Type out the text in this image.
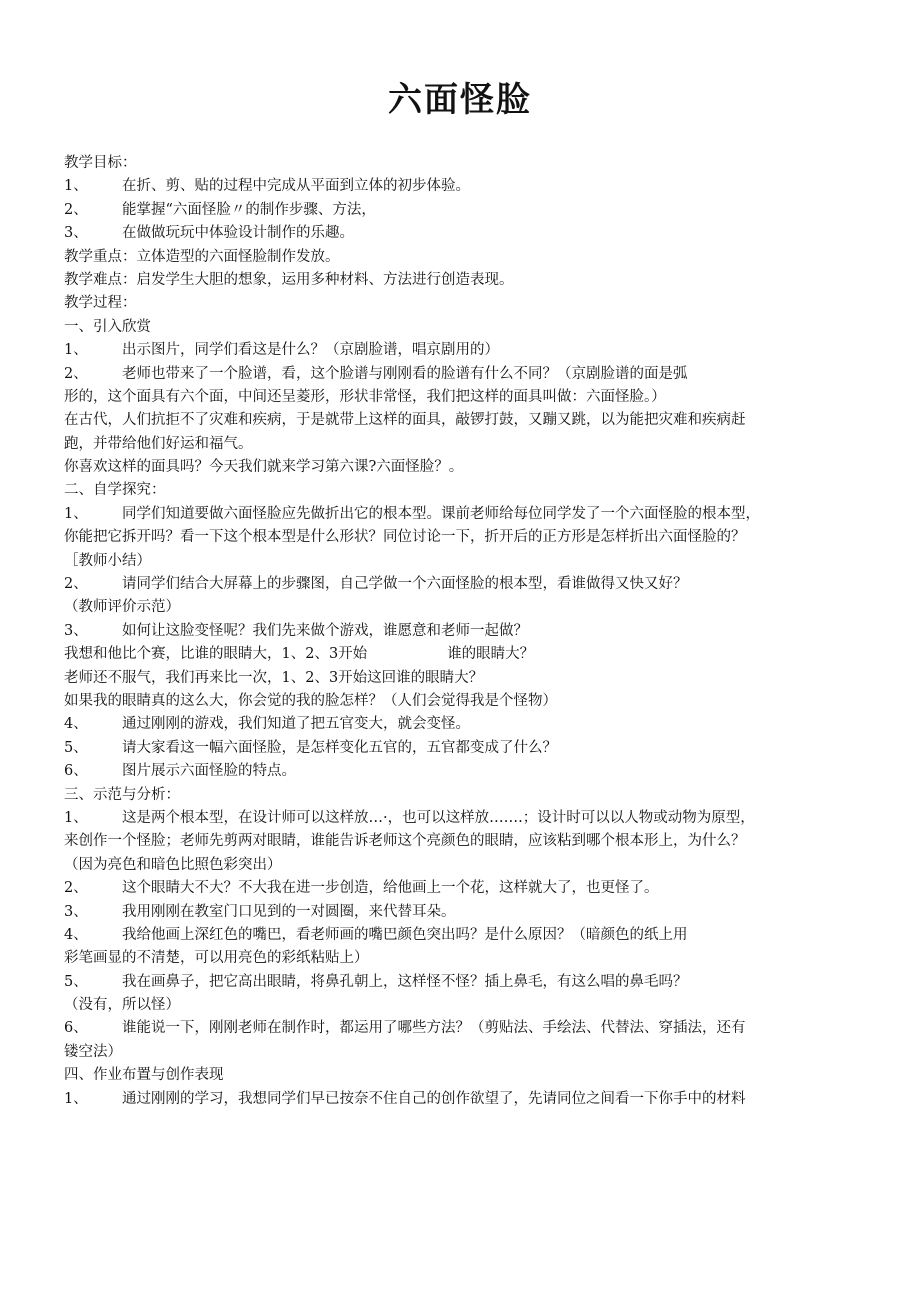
六面怪脸
教学目标：
1、 在折、剪、贴的过程中完成从平面到立体的初步体验。
2、 能掌握“六面怪脸〃的制作步骤、方法，
3、 在做做玩玩中体验设计制作的乐趣。
教学重点：立体造型的六面怪脸制作发放。
教学难点：启发学生大胆的想象，运用多种材料、方法进行创造表现。
教学过程：
一、引入欣赏
1、 出示图片，同学们看这是什么？（京剧脸谱，唱京剧用的）
2、 老师也带来了一个脸谱，看，这个脸谱与刚刚看的脸谱有什么不同？（京剧脸谱的面是弧
形的，这个面具有六个面，中间还呈菱形，形状非常怪，我们把这样的面具叫做：六面怪脸。）
在古代，人们抗拒不了灾难和疾病，于是就带上这样的面具，敲锣打鼓，又蹦又跳，以为能把灾难和疾病赶
跑，并带给他们好运和福气。
你喜欢这样的面具吗？今天我们就来学习第六课?六面怪脸？。
二、自学探究：
1、 同学们知道要做六面怪脸应先做折出它的根本型。课前老师给每位同学发了一个六面怪脸的根本型，
你能把它拆开吗？看一下这个根本型是什么形状？同位讨论一下，折开后的正方形是怎样折出六面怪脸的？
［教师小结）
2、 请同学们结合大屏幕上的步骤图，自己学做一个六面怪脸的根本型，看谁做得又快又好？
（教师评价示范）
3、 如何让这脸变怪呢？我们先来做个游戏，谁愿意和老师一起做？
我想和他比个赛，比谁的眼睛大，1、2、3开始	谁的眼睛大？
老师还不服气，我们再来比一次，1、2、3开始这回谁的眼睛大？
如果我的眼睛真的这么大，你会觉的我的脸怎样？（人们会觉得我是个怪物）
4、 通过刚刚的游戏，我们知道了把五官变大，就会变怪。
5、 请大家看这一幅六面怪脸，是怎样变化五官的，五官都变成了什么？
6、 图片展示六面怪脸的特点。
三、示范与分析：
1、 这是两个根本型，在设计师可以这样放…·，也可以这样放…….；设计时可以以人物或动物为原型，
来创作一个怪脸；老师先剪两对眼睛，谁能告诉老师这个亮颜色的眼睛，应该粘到哪个根本形上，为什么？
（因为亮色和暗色比照色彩突出）
2、 这个眼睛大不大？不大我在进一步创造，给他画上一个花，这样就大了，也更怪了。
3、 我用刚刚在教室门口见到的一对圆圈，来代替耳朵。
4、 我给他画上深红色的嘴巴，看老师画的嘴巴颜色突出吗？是什么原因？（暗颜色的纸上用
彩笔画显的不清楚，可以用亮色的彩纸粘贴上）
5、 我在画鼻子，把它高出眼睛，将鼻孔朝上，这样怪不怪？插上鼻毛，有这么唱的鼻毛吗？
（没有，所以怪）
6、 谁能说一下，刚刚老师在制作时，都运用了哪些方法？（剪贴法、手绘法、代替法、穿插法，还有
镂空法）
四、作业布置与创作表现
1、 通过刚刚的学习，我想同学们早已按奈不住自己的创作欲望了，先请同位之间看一下你手中的材料
